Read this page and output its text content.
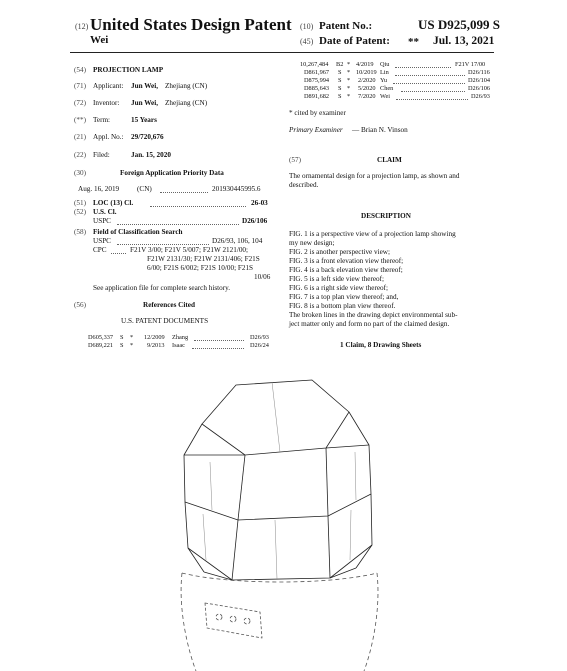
(12) United States Design Patent
Wei
(10) Patent No.:	US D925,099 S
(45) Date of Patent: ** Jul. 13, 2021
(54) PROJECTION LAMP
(71) Applicant: Jun Wei, Zhejiang (CN)
(72) Inventor: Jun Wei, Zhejiang (CN)
(**) Term:	15 Years
(21) Appl. No.: 29/720,676
(22) Filed:	Jan. 15, 2020
(30)	Foreign Application Priority Data
Aug. 16, 2019 (CN)	201930445995.6
(51) LOC (13) Cl.	26-03
(52) U.S. Cl.
USPC	D26/106
(58) Field of Classification Search
USPC	D26/93, 106, 104
CPC	F21V 3/00; F21V 5/007; F21W 2121/00;
F21W 2131/30; F21W 2131/406; F21S
6/00; F21S 6/002; F21S 10/00; F21S
10/06
See application file for complete search history.
(56)	References Cited
U.S. PATENT DOCUMENTS
D605,337 S * 12/2009 Zhang	D26/93
D689,221 S * 9/2013 Isaac	D26/24
10,267,484 B2 * 4/2019 Qiu	F21V 17/00
D861,967 S * 10/2019 Lin	D26/116
D875,994 S * 2/2020 Yu	D26/104
D885,643 S * 5/2020 Chen	D26/106
D891,682 S * 7/2020 Wei	D26/93
* cited by examiner
Primary Examiner — Brian N. Vinson
(57)	CLAIM
The ornamental design for a projection lamp, as shown and
described.
DESCRIPTION
FIG. 1 is a perspective view of a projection lamp showing
my new design;
FIG. 2 is another perspective view;
FIG. 3 is a front elevation view thereof;
FIG. 4 is a back elevation view thereof;
FIG. 5 is a left side view thereof;
FIG. 6 is a right side view thereof;
FIG. 7 is a top plan view thereof; and,
FIG. 8 is a bottom plan view thereof.
The broken lines in the drawing depict environmental sub-
ject matter only and form no part of the claimed design.
1 Claim, 8 Drawing Sheets
